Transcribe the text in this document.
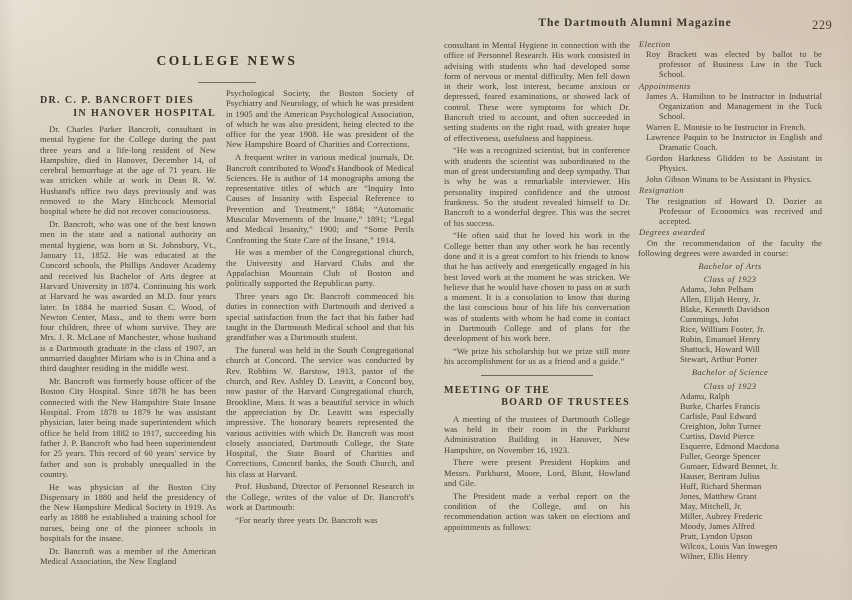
The Dartmouth Alumni Magazine	229
COLLEGE NEWS
DR. C. P. BANCROFT DIES
IN HANOVER HOSPITAL

Dr. Charles Parker Bancroft, consultant in mental hygiene for the College during the past three years and a life-long resident of New Hampshire, died in Hanover, December 14, of cerebral hemorrhage at the age of 71 years. He was stricken while at work in Dean R. W. Husband's office two days previously and was removed to the Mary Hitchcock Memorial hospital where he did not recover consciousness.

Dr. Bancroft, who was one of the best known men in the state and a national authority on mental hygiene, was born at St. Johnsbury, Vt., January 11, 1852. He was educated at the Concord schools, the Phillips Andover Academy and received his Bachelor of Arts degree at Harvard University in 1874. Continuing his work at Harvard he was awarded an M.D. four years later. In 1884 he married Susan C. Wood, of Newton Center, Mass., and to them were born four children, three of whom survive. They are Mrs. J. R. McLane of Manchester, whose husband is a Dartmouth graduate in the class of 1907, an unmarried daughter Miriam who is in China and a third daughter residing in the middle west.

Mr. Bancroft was formerly house officer of the Boston City Hospital. Since 1878 he has been connected with the New Hampshire State Insane Hospital. From 1878 to 1879 he was assistant physician, later being made superintendent which office he held from 1882 to 1917, succeeding his father J. P. Bancroft who had been superintendent for 25 years. This record of 60 years' service by father and son is probably unequalled in the country.

He was physician of the Boston City Dispensary in 1880 and held the presidency of the New Hampshire Medical Society in 1919. As early as 1888 he established a training school for nurses, being one of the pioneer schools in hospitals for the insane.

Dr. Bancroft was a member of the American Medical Association, the New England

Psychological Society, the Boston Society of Psychiatry and Neurology, of which he was president in 1905 and the American Psychological Association, of which he was also president, being elected to the office for the year 1908. He was president of the New Hampshire Board of Charities and Corrections.

A frequent writer in various medical journals, Dr. Bancroft contributed to Wood's Handbook of Medical Sciences. He is author of 14 monographs among the representative titles of which are “Inquiry Into Causes of Insanity with Especial Reference to Prevention and Treatment,” 1884; “Automatic Muscular Movements of the Insane,” 1891; “Legal and Medical Insanity,” 1900; and “Some Perils Confronting the State Care of the Insane,” 1914.

He was a member of the Congregational church, the University and Harvard Clubs and the Appalachian Mountain Club of Boston and politically supported the Republican party.

Three years ago Dr. Bancroft commenced his duties in connection with Dartmouth and derived a special satisfaction from the fact that his father had taught in the Dartmouth Medical school and that his grandfather was a Dartmouth student.

The funeral was held in the South Congregational church at Concord. The service was conducted by Rev. Robbins W. Barstow, 1913, pastor of the church, and Rev. Ashley D. Leavitt, a Concord boy, now pastor of the Harvard Congregational church, Brookline, Mass. It was a beautiful service in which the appreciation by Dr. Leavitt was especially impressive. The honorary bearers represented the various activities with which Dr. Bancroft was most closely associated, Dartmouth College, the State Hospital, the State Board of Charities and Corrections, Concord banks, the South Church, and his class at Harvard.

Prof. Husband, Director of Personnel Research in the College, writes of the value of Dr. Bancroft's work at Dartmouth:

“For nearly three years Dr. Bancroft was

consultant in Mental Hygiene in connection with the office of Personnel Research. His work consisted in advising with students who had developed some form of nervous or mental difficulty. Men fell down in their work, lost interest, became anxious or depressed, feared examinations, or showed lack of control. These were symptoms for which Dr. Bancroft tried to account, and often succeeded in setting students on the right road, with greater hope of effectiveness, usefulness and happiness.

“He was a recognized scientist, but in conference with students the scientist was subordinated to the man of great understanding and deep sympathy. That is why he was a remarkable interviewer. His personality inspired confidence and the utmost frankness. So the student revealed himself to Dr. Bancroft to a wonderful degree. This was the secret of his success.

“He often said that he loved his work in the College better than any other work he has recently done and it is a great comfort to his friends to know that he has actively and energetically engaged in his best loved work at the moment he was stricken. We believe that he would have chosen to pass on at such a moment. It is a consolation to know that during the last conscious hour of his life his conversation was of students with whom he had come in contact in Dartmouth College and of plans for the development of his work here.

“We prize his scholarship but we prize still more his accomplishment for us as a friend and a guide.”

MEETING OF THE
BOARD OF TRUSTEES

A meeting of the trustees of Dartmouth College was held in their room in the Parkhurst Administration Building in Hanover, New Hampshire, on November 16, 1923.

There were present President Hopkins and Messrs. Parkhurst, Moore, Lord, Blunt, Howland and Gile.

The President made a verbal report on the condition of the College, and on his recommendation action was taken on elections and appointments as follows:

Election
Roy Brackett was elected by ballot to be professor of Business Law in the Tuck School.
Appointments
James A. Hamilton to be Instructor in Industrial Organization and Management in the Tuck School.
Warren E. Montsie to be Instructor in French.
Lawrence Paquin to be Instructor in English and Dramatic Coach.
Gordon Harkness Glidden to be Assistant in Physics.
John Gibson Winans to be Assistant in Physics.
Resignation
The resignation of Howard D. Dozier as Professor of Economics was received and accepted.
Degrees awarded

On the recommendation of the faculty the following degrees were awarded in course:

Bachelor of Arts
Class of 1923
Adams, John Pelham
Allen, Elijah Henry, Jr.
Blake, Kenneth Davidson
Cummings, John
Rice, William Foster, Jr.
Rubin, Emanuel Henry
Shattuck, Howard Will
Stewart, Arthur Porter
Bachelor of Science
Class of 1923
Adams, Ralph
Burke, Charles Francis
Carlisle, Paul Edward
Creighton, John Turner
Curtiss, David Pierce
Esquerre, Edmond Macdona
Fuller, George Spencer
Gumaer, Edward Bennet, Jr.
Hauser, Bertram Julius
Huff, Richard Sherman
Jones, Matthew Grant
May, Mitchell, Jr.
Miller, Aubrey Frederic
Moody, James Alfred
Pratt, Lyndon Upson
Wilcox, Louis Van Inwegen
Wilner, Ellis Henry
